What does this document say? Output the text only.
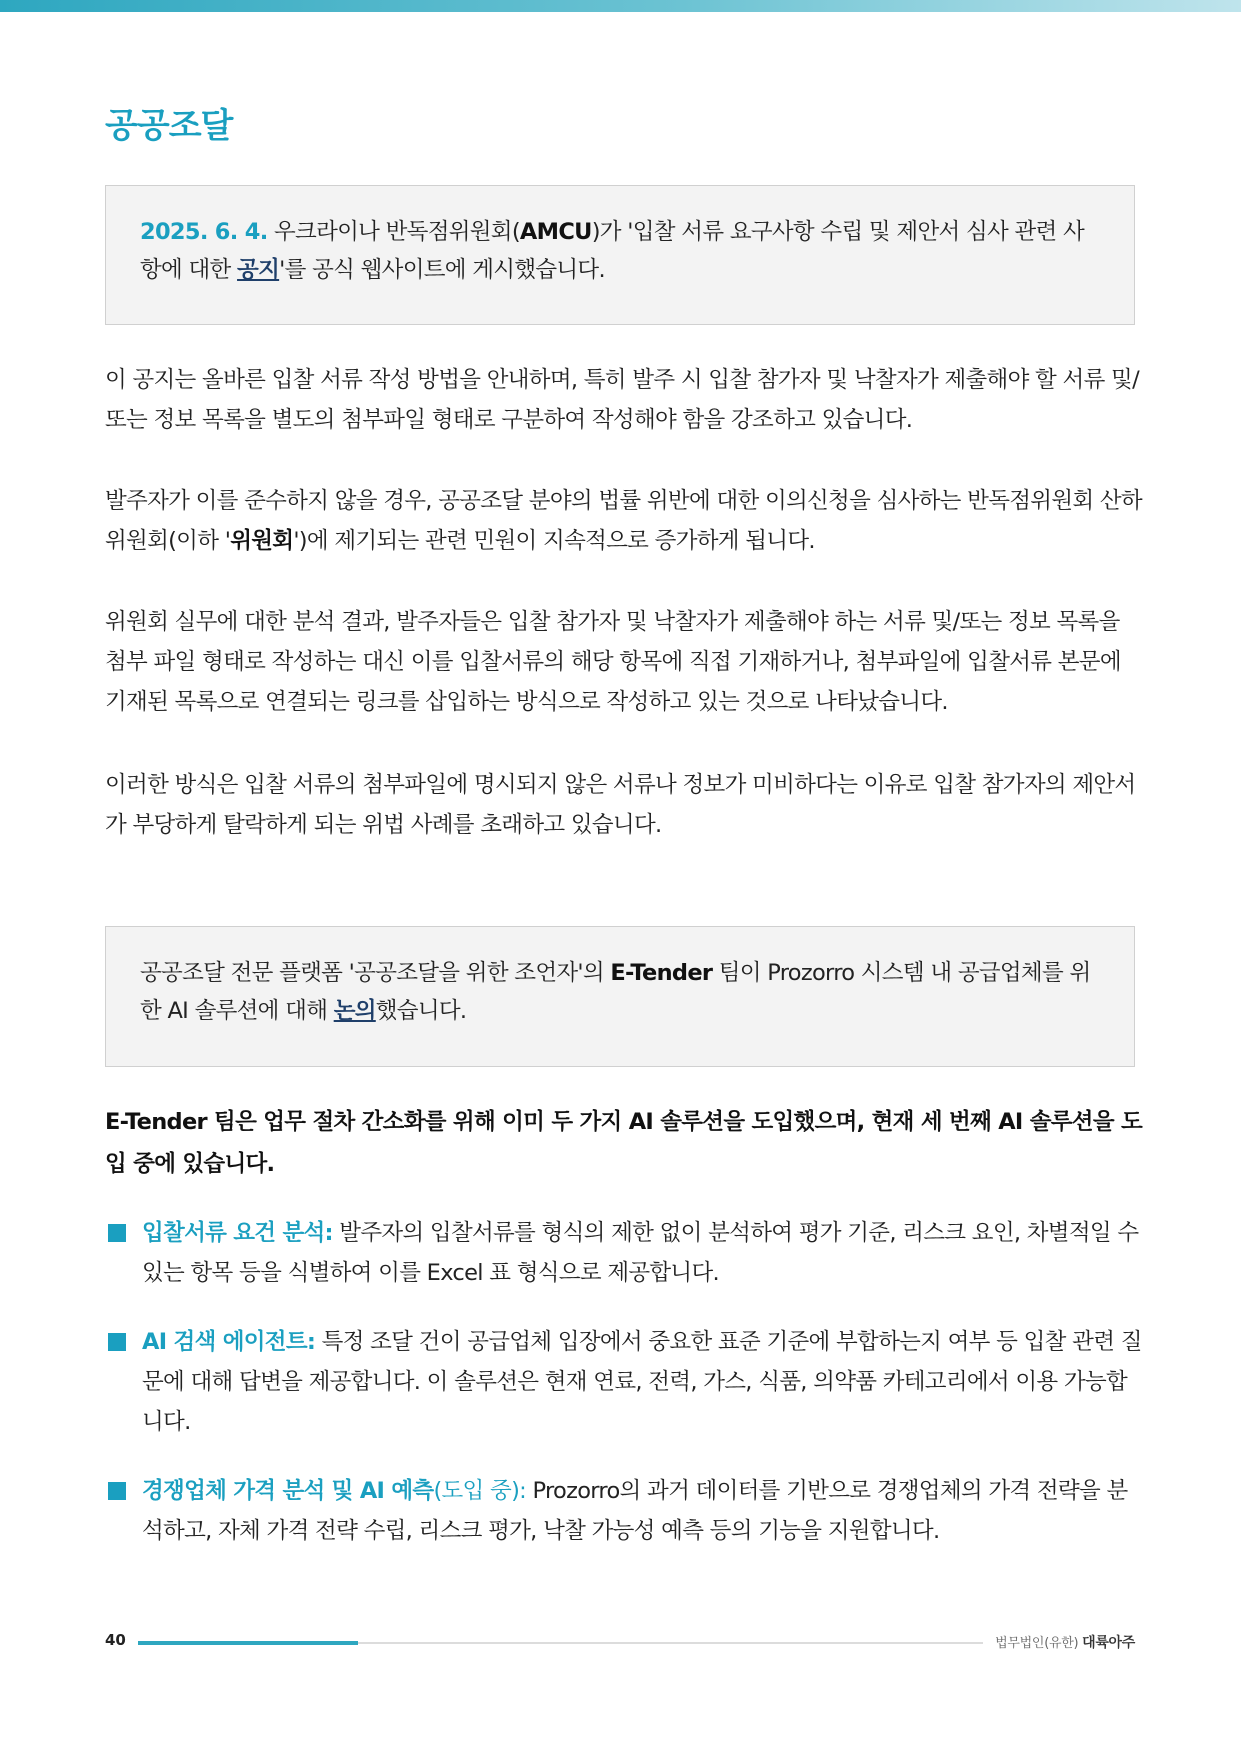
공공조달
2025. 6. 4. 우크라이나 반독점위원회(AMCU)가 '입찰 서류 요구사항 수립 및 제안서 심사 관련 사항에 대한 공지'를 공식 웹사이트에 게시했습니다.

이 공지는 올바른 입찰 서류 작성 방법을 안내하며, 특히 발주 시 입찰 참가자 및 낙찰자가 제출해야 할 서류 및/또는 정보 목록을 별도의 첨부파일 형태로 구분하여 작성해야 함을 강조하고 있습니다.

발주자가 이를 준수하지 않을 경우, 공공조달 분야의 법률 위반에 대한 이의신청을 심사하는 반독점위원회 산하 위원회(이하 '위원회')에 제기되는 관련 민원이 지속적으로 증가하게 됩니다.

위원회 실무에 대한 분석 결과, 발주자들은 입찰 참가자 및 낙찰자가 제출해야 하는 서류 및/또는 정보 목록을 첨부 파일 형태로 작성하는 대신 이를 입찰서류의 해당 항목에 직접 기재하거나, 첨부파일에 입찰서류 본문에 기재된 목록으로 연결되는 링크를 삽입하는 방식으로 작성하고 있는 것으로 나타났습니다.

이러한 방식은 입찰 서류의 첨부파일에 명시되지 않은 서류나 정보가 미비하다는 이유로 입찰 참가자의 제안서가 부당하게 탈락하게 되는 위법 사례를 초래하고 있습니다.

공공조달 전문 플랫폼 '공공조달을 위한 조언자'의 E-Tender 팀이 Prozorro 시스템 내 공급업체를 위한 AI 솔루션에 대해 논의했습니다.

E-Tender 팀은 업무 절차 간소화를 위해 이미 두 가지 AI 솔루션을 도입했으며, 현재 세 번째 AI 솔루션을 도입 중에 있습니다.

입찰서류 요건 분석: 발주자의 입찰서류를 형식의 제한 없이 분석하여 평가 기준, 리스크 요인, 차별적일 수 있는 항목 등을 식별하여 이를 Excel 표 형식으로 제공합니다.
AI 검색 에이전트: 특정 조달 건이 공급업체 입장에서 중요한 표준 기준에 부합하는지 여부 등 입찰 관련 질문에 대해 답변을 제공합니다. 이 솔루션은 현재 연료, 전력, 가스, 식품, 의약품 카테고리에서 이용 가능합니다.
경쟁업체 가격 분석 및 AI 예측(도입 중): Prozorro의 과거 데이터를 기반으로 경쟁업체의 가격 전략을 분석하고, 자체 가격 전략 수립, 리스크 평가, 낙찰 가능성 예측 등의 기능을 지원합니다.
40	법무법인(유한) 대륙아주
